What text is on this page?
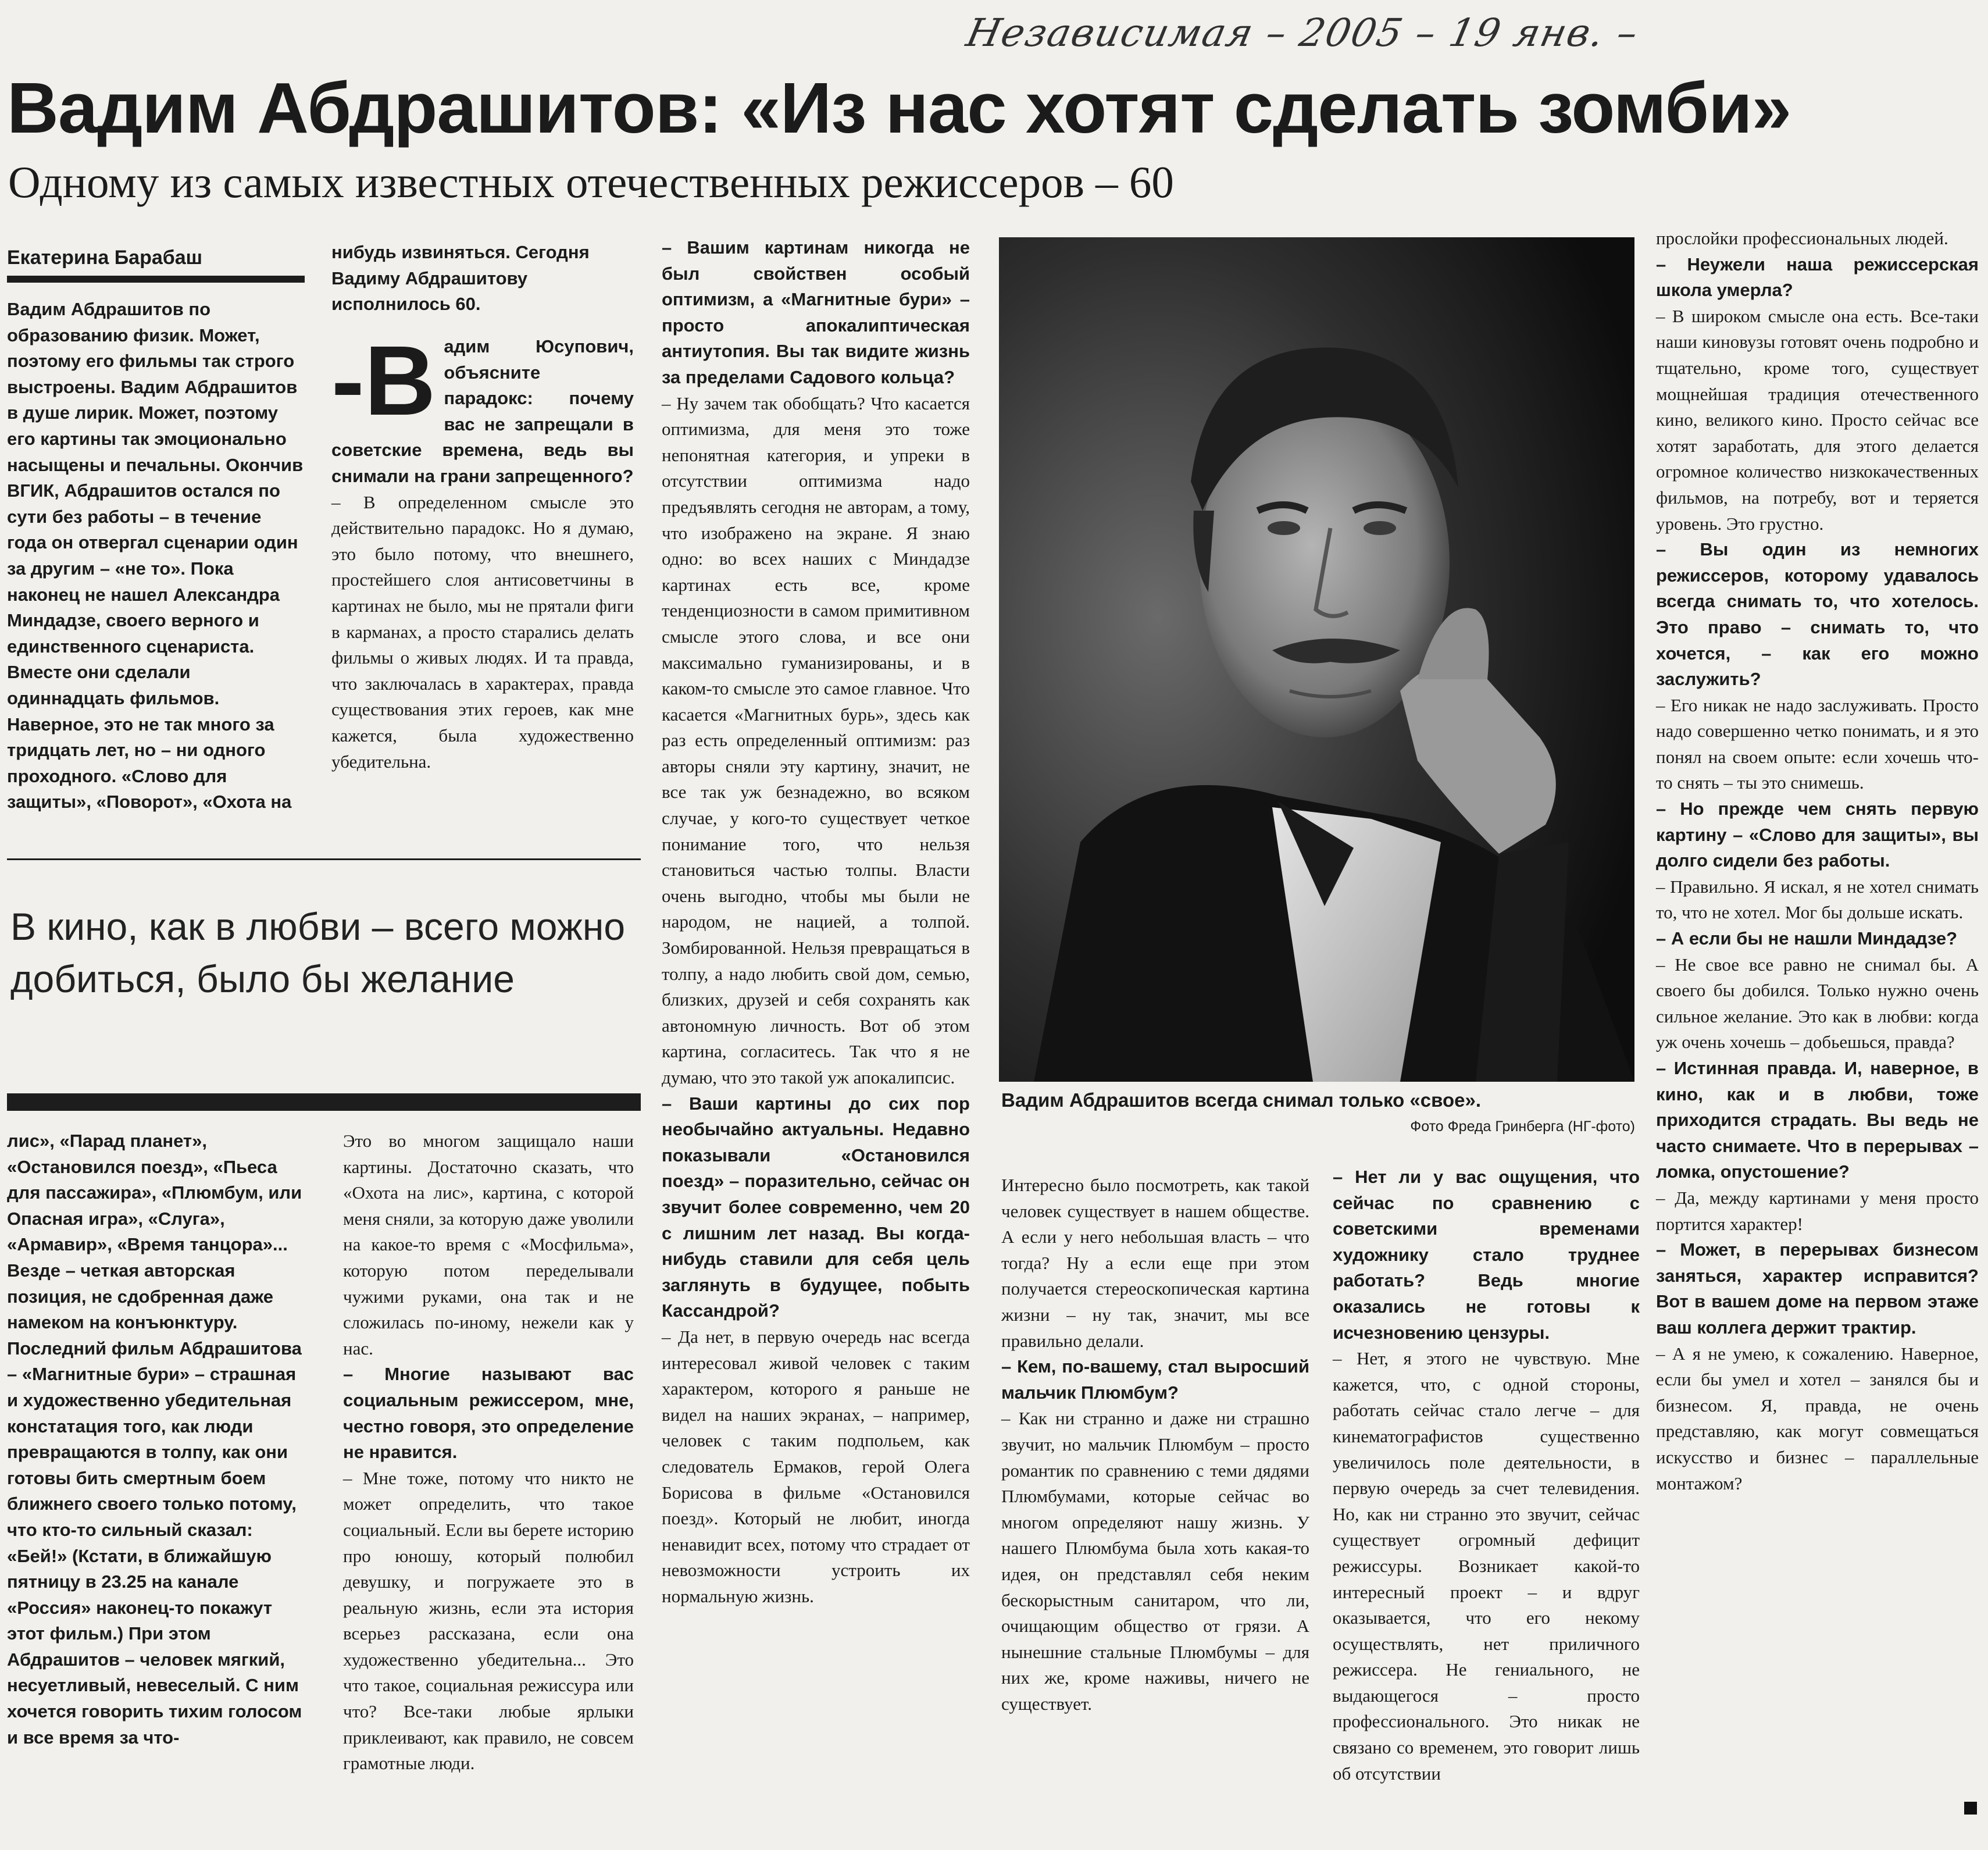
Независимая – 2005 – 19 янв. –
Вадим Абдрашитов: «Из нас хотят сделать зомби»
Одному из самых известных отечественных режиссеров – 60
Екатерина Барабаш

Вадим Абдрашитов по образованию физик. Может, поэтому его фильмы так строго выстроены. Вадим Абдрашитов в душе лирик. Может, поэтому его картины так эмоционально насыщены и печальны. Окончив ВГИК, Абдрашитов остался по сути без работы – в течение года он отвергал сценарии один за другим – «не то». Пока наконец не нашел Александра Миндадзе, своего верного и единственного сценариста. Вместе они сделали одиннадцать фильмов. Наверное, это не так много за тридцать лет, но – ни одного проходного. «Слово для защиты», «Поворот», «Охота на

нибудь извиняться. Сегодня Вадиму Абдрашитову исполнилось 60.

-В адим Юсупович, объясните парадокс: почему вас не запрещали в советские времена, ведь вы снимали на грани запрещенного?

– В определенном смысле это действительно парадокс. Но я думаю, это было потому, что внешнего, простейшего слоя антисоветчины в картинах не было, мы не прятали фиги в карманах, а просто старались делать фильмы о живых людях. И та правда, что заключалась в характерах, правда существования этих героев, как мне кажется, была художественно убедительна.

В кино, как в любви – всего можно добиться, было бы желание

лис», «Парад планет», «Остановился поезд», «Пьеса для пассажира», «Плюмбум, или Опасная игра», «Слуга», «Армавир», «Время танцора»... Везде – четкая авторская позиция, не сдобренная даже намеком на конъюнктуру. Последний фильм Абдрашитова – «Магнитные бури» – страшная и художественно убедительная констатация того, как люди превращаются в толпу, как они готовы бить смертным боем ближнего своего только потому, что кто-то сильный сказал: «Бей!» (Кстати, в ближайшую пятницу в 23.25 на канале «Россия» наконец-то покажут этот фильм.) При этом Абдрашитов – человек мягкий, несуетливый, невеселый. С ним хочется говорить тихим голосом и все время за что-

Это во многом защищало наши картины. Достаточно сказать, что «Охота на лис», картина, с которой меня сняли, за которую даже уволили на какое-то время с «Мосфильма», которую потом переделывали чужими руками, она так и не сложилась по-иному, нежели как у нас.

– Многие называют вас социальным режиссером, мне, честно говоря, это определение не нравится.

– Мне тоже, потому что никто не может определить, что такое социальный. Если вы берете историю про юношу, который полюбил девушку, и погружаете это в реальную жизнь, если эта история всерьез рассказана, если она художественно убедительна... Это что такое, социальная режиссура или что? Все-таки любые ярлыки приклеивают, как правило, не совсем грамотные люди.

– Вашим картинам никогда не был свойствен особый оптимизм, а «Магнитные бури» – просто апокалиптическая антиутопия. Вы так видите жизнь за пределами Садового кольца?

– Ну зачем так обобщать? Что касается оптимизма, для меня это тоже непонятная категория, и упреки в отсутствии оптимизма надо предъявлять сегодня не авторам, а тому, что изображено на экране. Я знаю одно: во всех наших с Миндадзе картинах есть все, кроме тенденциозности в самом примитивном смысле этого слова, и все они максимально гуманизированы, и в каком-то смысле это самое главное. Что касается «Магнитных бурь», здесь как раз есть определенный оптимизм: раз авторы сняли эту картину, значит, не все так уж безнадежно, во всяком случае, у кого-то существует четкое понимание того, что нельзя становиться частью толпы. Власти очень выгодно, чтобы мы были не народом, не нацией, а толпой. Зомбированной. Нельзя превращаться в толпу, а надо любить свой дом, семью, близких, друзей и себя сохранять как автономную личность. Вот об этом картина, согласитесь. Так что я не думаю, что это такой уж апокалипсис.

– Ваши картины до сих пор необычайно актуальны. Недавно показывали «Остановился поезд» – поразительно, сейчас он звучит более современно, чем 20 с лишним лет назад. Вы когда-нибудь ставили для себя цель заглянуть в будущее, побыть Кассандрой?

– Да нет, в первую очередь нас всегда интересовал живой человек с таким характером, которого я раньше не видел на наших экранах, – например, человек с таким подпольем, как следователь Ермаков, герой Олега Борисова в фильме «Остановился поезд». Который не любит, иногда ненавидит всех, потому что страдает от невозможности устроить их нормальную жизнь.

Вадим Абдрашитов всегда снимал только «свое».
Фото Фреда Гринберга (НГ-фото)

Интересно было посмотреть, как такой человек существует в нашем обществе. А если у него небольшая власть – что тогда? Ну а если еще при этом получается стереоскопическая картина жизни – ну так, значит, мы все правильно делали.

– Кем, по-вашему, стал выросший мальчик Плюмбум?

– Как ни странно и даже ни страшно звучит, но мальчик Плюмбум – просто романтик по сравнению с теми дядями Плюмбумами, которые сейчас во многом определяют нашу жизнь. У нашего Плюмбума была хоть какая-то идея, он представлял себя неким бескорыстным санитаром, что ли, очищающим общество от грязи. А нынешние стальные Плюмбумы – для них же, кроме наживы, ничего не существует.

– Нет ли у вас ощущения, что сейчас по сравнению с советскими временами художнику стало труднее работать? Ведь многие оказались не готовы к исчезновению цензуры.

– Нет, я этого не чувствую. Мне кажется, что, с одной стороны, работать сейчас стало легче – для кинематографистов существенно увеличилось поле деятельности, в первую очередь за счет телевидения. Но, как ни странно это звучит, сейчас существует огромный дефицит режиссуры. Возникает какой-то интересный проект – и вдруг оказывается, что его некому осуществлять, нет приличного режиссера. Не гениального, не выдающегося – просто профессионального. Это никак не связано со временем, это говорит лишь об отсутствии

прослойки профессиональных людей.

– Неужели наша режиссерская школа умерла?

– В широком смысле она есть. Все-таки наши киновузы готовят очень подробно и тщательно, кроме того, существует мощнейшая традиция отечественного кино, великого кино. Просто сейчас все хотят заработать, для этого делается огромное количество низкокачественных фильмов, на потребу, вот и теряется уровень. Это грустно.

– Вы один из немногих режиссеров, которому удавалось всегда снимать то, что хотелось. Это право – снимать то, что хочется, – как его можно заслужить?

– Его никак не надо заслуживать. Просто надо совершенно четко понимать, и я это понял на своем опыте: если хочешь что-то снять – ты это снимешь.

– Но прежде чем снять первую картину – «Слово для защиты», вы долго сидели без работы.

– Правильно. Я искал, я не хотел снимать то, что не хотел. Мог бы дольше искать.

– А если бы не нашли Миндадзе?

– Не свое все равно не снимал бы. А своего бы добился. Только нужно очень сильное желание. Это как в любви: когда уж очень хочешь – добьешься, правда?

– Истинная правда. И, наверное, в кино, как и в любви, тоже приходится страдать. Вы ведь не часто снимаете. Что в перерывах – ломка, опустошение?

– Да, между картинами у меня просто портится характер!

– Может, в перерывах бизнесом заняться, характер исправится? Вот в вашем доме на первом этаже ваш коллега держит трактир.

– А я не умею, к сожалению. Наверное, если бы умел и хотел – занялся бы и бизнесом. Я, правда, не очень представляю, как могут совмещаться искусство и бизнес – параллельные монтажом?
